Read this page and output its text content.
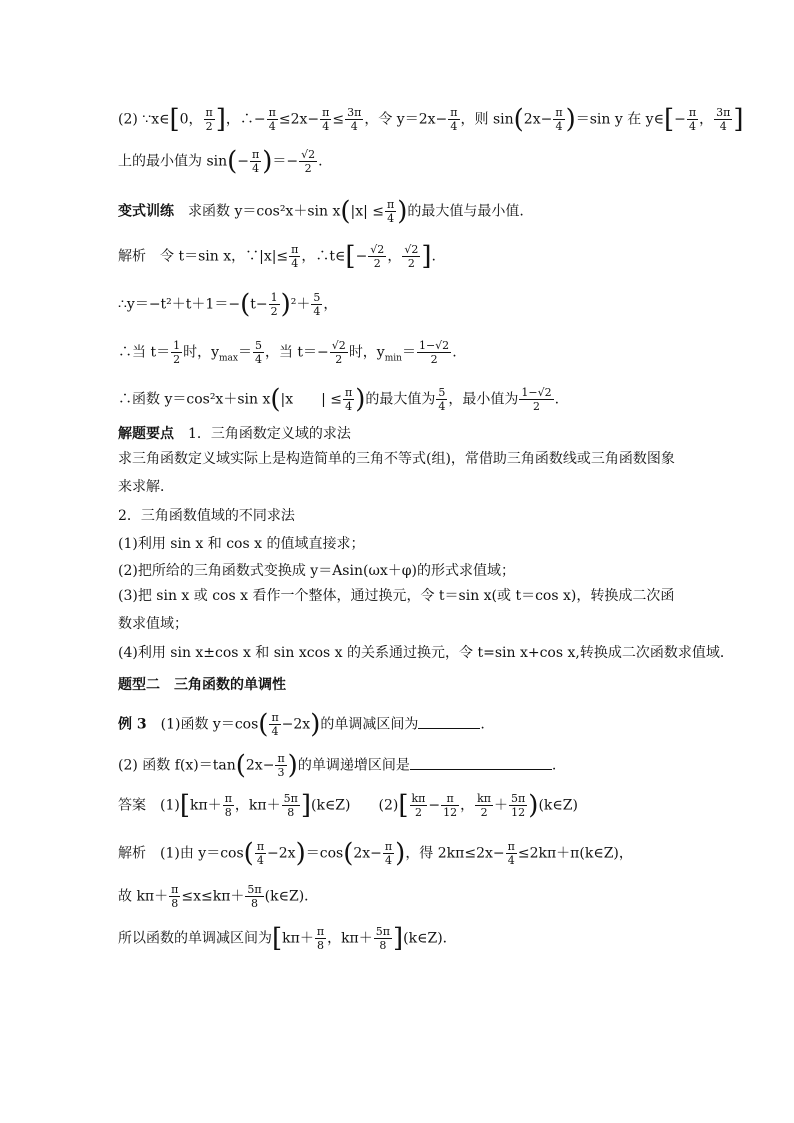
(2) ∵x∈[0， $\frac{\pi}{2}$ ]，∴− $\frac{\pi}{4} \le 2x- \frac{\pi}{4} \le \frac{3\pi}{4}$ ，令 $y=2x- \frac{\pi}{4}$ ，则 $\sin(2x- \frac{\pi}{4} )=\sin$ y 在 y∈[− $\frac{\pi}{4}$ ， $\frac{3\pi}{4}$ ]
上的最小值为 $\sin(- \frac{\pi}{4}$ )＝− $\frac{√2}{2}$ .
变式训练　 求函数 y＝cos²x＋sin $x(|x| \le \frac{\pi}{4}$ )的最大值与最小值.
解析　 令 t＝sin x，∵|x|≤ $\frac{\pi}{4}$ ，∴t∈[− $\frac{√2}{2}$ ， $\frac{√2}{2}$ ].
∴y＝−t²＋t＋1＝−(t− $\frac{1}{2} )^2+ \frac{5}{4}$ ，
∴当 $t= \frac{1}{2}$ 时，$y_{max}= \frac{5}{4}$ ，当 $t=- \frac{√2}{2}$ 时，$y_{min}= \frac{1-√2}{2}$ .
∴函数 y＝cos²x＋sin x(|x　　| ≤ $\frac{\pi}{4}$ )的最大值为 $\frac{5}{4}$ ，最小值为 $\frac{1-√2}{2}$ .
解题要点　 1．三角函数定义域的求法
求三角函数定义域实际上是构造简单的三角不等式(组)，常借助三角函数线或三角函数图象来求解．
2．三角函数值域的不同求法
(1)利用 sin x 和 cos x 的值域直接求；
(2)把所给的三角函数式变换成 y＝Asin(ωx＋φ)的形式求值域；
(3)把 sin x 或 cos x 看作一个整体，通过换元，令 t＝sin x(或 t＝cos x)，转换成二次函数求值域；
(4)利用 sin x±cos x 和 sin xcos x 的关系通过换元，令 t=sin x+cos x,转换成二次函数求值域．
题型二　 三角函数的单调性
例 3　 (1)函数 $y=\cos( \frac{\pi}{4} -2x)$的单调减区间为	.
(2) 函数 $f(x)=\tan(2x- \frac{\pi}{3}$ )的单调递增区间是	.
答案　 $(1)[k\pi+ \frac{\pi}{8}$ ，$k\pi+ \frac{5\pi}{8}$ ](k∈Z)　　 $(2)[ \frac{k\pi}{2} - \frac{\pi}{12}$ ， $\frac{k\pi}{2} + \frac{5\pi}{12}$ )(k∈Z)
解析　 (1)由 $y=\cos( \frac{\pi}{4} -2x)=\cos(2x- \frac{\pi}{4}$ )，得 $2k\pi\le 2x- \frac{\pi}{4}$ ≤2kπ＋π(k∈Z)，
故 $k\pi+ \frac{\pi}{8} \le x\le k\pi+ \frac{5\pi}{8}$ (k∈Z)．
所以函数的单调减区间为[$k\pi+ \frac{\pi}{8}$ ，$k\pi+ \frac{5\pi}{8}$ ](k∈Z)．
